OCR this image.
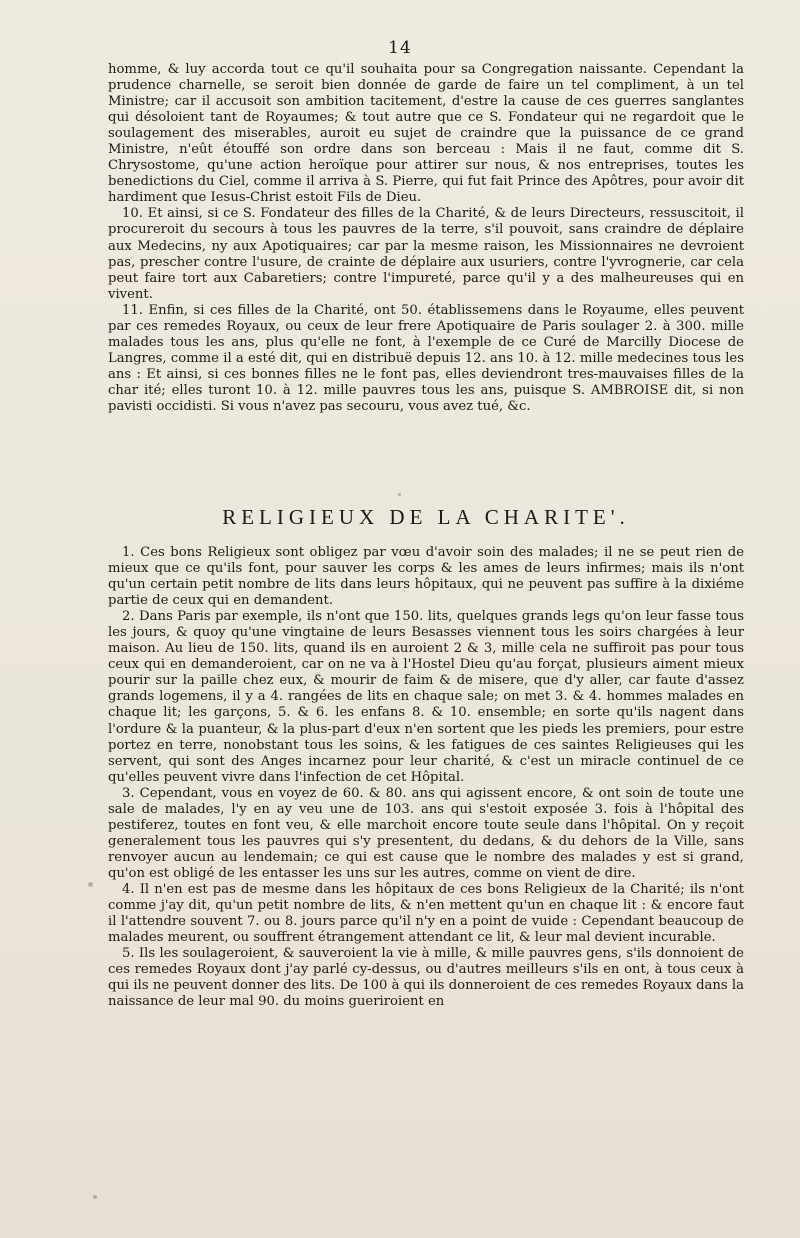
14

homme, & luy accorda tout ce qu'il souhaita pour sa Congregation naissante. Cependant la prudence charnelle, se seroit bien donnée de garde de faire un tel compliment, à un tel Ministre; car il accusoit son ambition tacitement, d'estre la cause de ces guerres sanglantes qui désoloient tant de Royaumes; & tout autre que ce S. Fondateur qui ne regardoit que le soulagement des miserables, auroit eu sujet de craindre que la puissance de ce grand Ministre, n'eût étouffé son ordre dans son berceau : Mais il ne faut, comme dit S. Chrysostome, qu'une action heroïque pour attirer sur nous, & nos entreprises, toutes les benedictions du Ciel, comme il arriva à S. Pierre, qui fut fait Prince des Apôtres, pour avoir dit hardiment que Iesus-Christ estoit Fils de Dieu.

10. Et ainsi, si ce S. Fondateur des filles de la Charité, & de leurs Directeurs, ressuscitoit, il procureroit du secours à tous les pauvres de la terre, s'il pouvoit, sans craindre de déplaire aux Medecins, ny aux Apotiquaires; car par la mesme raison, les Missionnaires ne devroient pas, prescher contre l'usure, de crainte de déplaire aux usuriers, contre l'yvrognerie, car cela peut faire tort aux Cabaretiers; contre l'impureté, parce qu'il y a des malheureuses qui en vivent.

11. Enfin, si ces filles de la Charité, ont 50. établissemens dans le Royaume, elles peuvent par ces remedes Royaux, ou ceux de leur frere Apotiquaire de Paris soulager 2. à 300. mille malades tous les ans, plus qu'elle ne font, à l'exemple de ce Curé de Marcilly Diocese de Langres, comme il a esté dit, qui en distribuë depuis 12. ans 10. à 12. mille medecines tous les ans : Et ainsi, si ces bonnes filles ne le font pas, elles deviendront tres-mauvaises filles de la char ité; elles turont 10. à 12. mille pauvres tous les ans, puisque S. AMBROISE dit, si non pavisti occidisti. Si vous n'avez pas secouru, vous avez tué, &c.

RELIGIEUX DE LA CHARITE'.

1. Ces bons Religieux sont obligez par vœu d'avoir soin des malades; il ne se peut rien de mieux que ce qu'ils font, pour sauver les corps & les ames de leurs infirmes; mais ils n'ont qu'un certain petit nombre de lits dans leurs hôpitaux, qui ne peuvent pas suffire à la dixiéme partie de ceux qui en demandent.

2. Dans Paris par exemple, ils n'ont que 150. lits, quelques grands legs qu'on leur fasse tous les jours, & quoy qu'une vingtaine de leurs Besasses viennent tous les soirs chargées à leur maison. Au lieu de 150. lits, quand ils en auroient 2 & 3, mille cela ne suffiroit pas pour tous ceux qui en demanderoient, car on ne va à l'Hostel Dieu qu'au forçat, plusieurs aiment mieux pourir sur la paille chez eux, & mourir de faim & de misere, que d'y aller, car faute d'assez grands logemens, il y a 4. rangées de lits en chaque sale; on met 3. & 4. hommes malades en chaque lit; les garçons, 5. & 6. les enfans 8. & 10. ensemble; en sorte qu'ils nagent dans l'ordure & la puanteur, & la plus-part d'eux n'en sortent que les pieds les premiers, pour estre portez en terre, nonobstant tous les soins, & les fatigues de ces saintes Religieuses qui les servent, qui sont des Anges incarnez pour leur charité, & c'est un miracle continuel de ce qu'elles peuvent vivre dans l'infection de cet Hôpital.

3. Cependant, vous en voyez de 60. & 80. ans qui agissent encore, & ont soin de toute une sale de malades, l'y en ay veu une de 103. ans qui s'estoit exposée 3. fois à l'hôpital des pestiferez, toutes en font veu, & elle marchoit encore toute seule dans l'hôpital. On y reçoit generalement tous les pauvres qui s'y presentent, du dedans, & du dehors de la Ville, sans renvoyer aucun au lendemain; ce qui est cause que le nombre des malades y est si grand, qu'on est obligé de les entasser les uns sur les autres, comme on vient de dire.

4. Il n'en est pas de mesme dans les hôpitaux de ces bons Religieux de la Charité; ils n'ont comme j'ay dit, qu'un petit nombre de lits, & n'en mettent qu'un en chaque lit : & encore faut il l'attendre souvent 7. ou 8. jours parce qu'il n'y en a point de vuide : Cependant beaucoup de malades meurent, ou souffrent étrangement attendant ce lit, & leur mal devient incurable.

5. Ils les soulageroient, & sauveroient la vie à mille, & mille pauvres gens, s'ils donnoient de ces remedes Royaux dont j'ay parlé cy-dessus, ou d'autres meilleurs s'ils en ont, à tous ceux à qui ils ne peuvent donner des lits. De 100 à qui ils donneroient de ces remedes Royaux dans la naissance de leur mal 90. du moins gueriroient en
